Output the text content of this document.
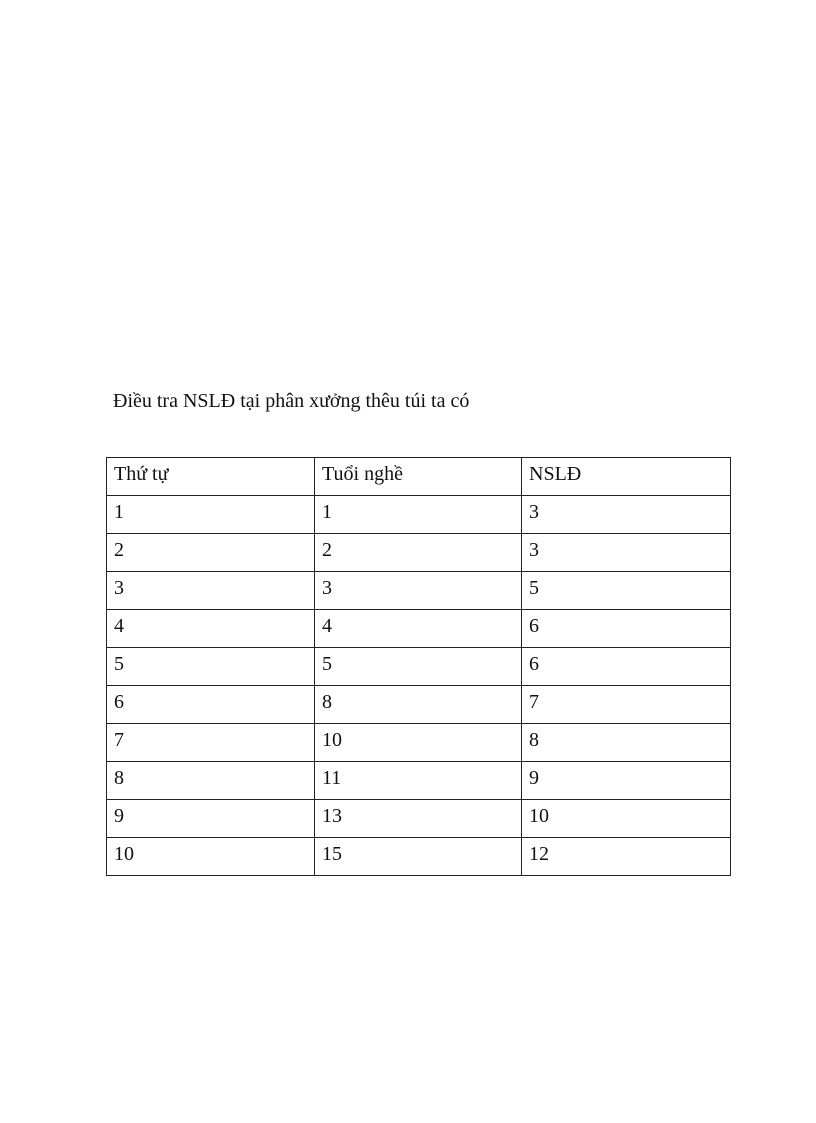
Điều tra NSLĐ tại phân xưởng thêu túi ta có
Thứ tự	Tuổi nghề	NSLĐ
1	1	3
2	2	3
3	3	5
4	4	6
5	5	6
6	8	7
7	10	8
8	11	9
9	13	10
10	15	12
